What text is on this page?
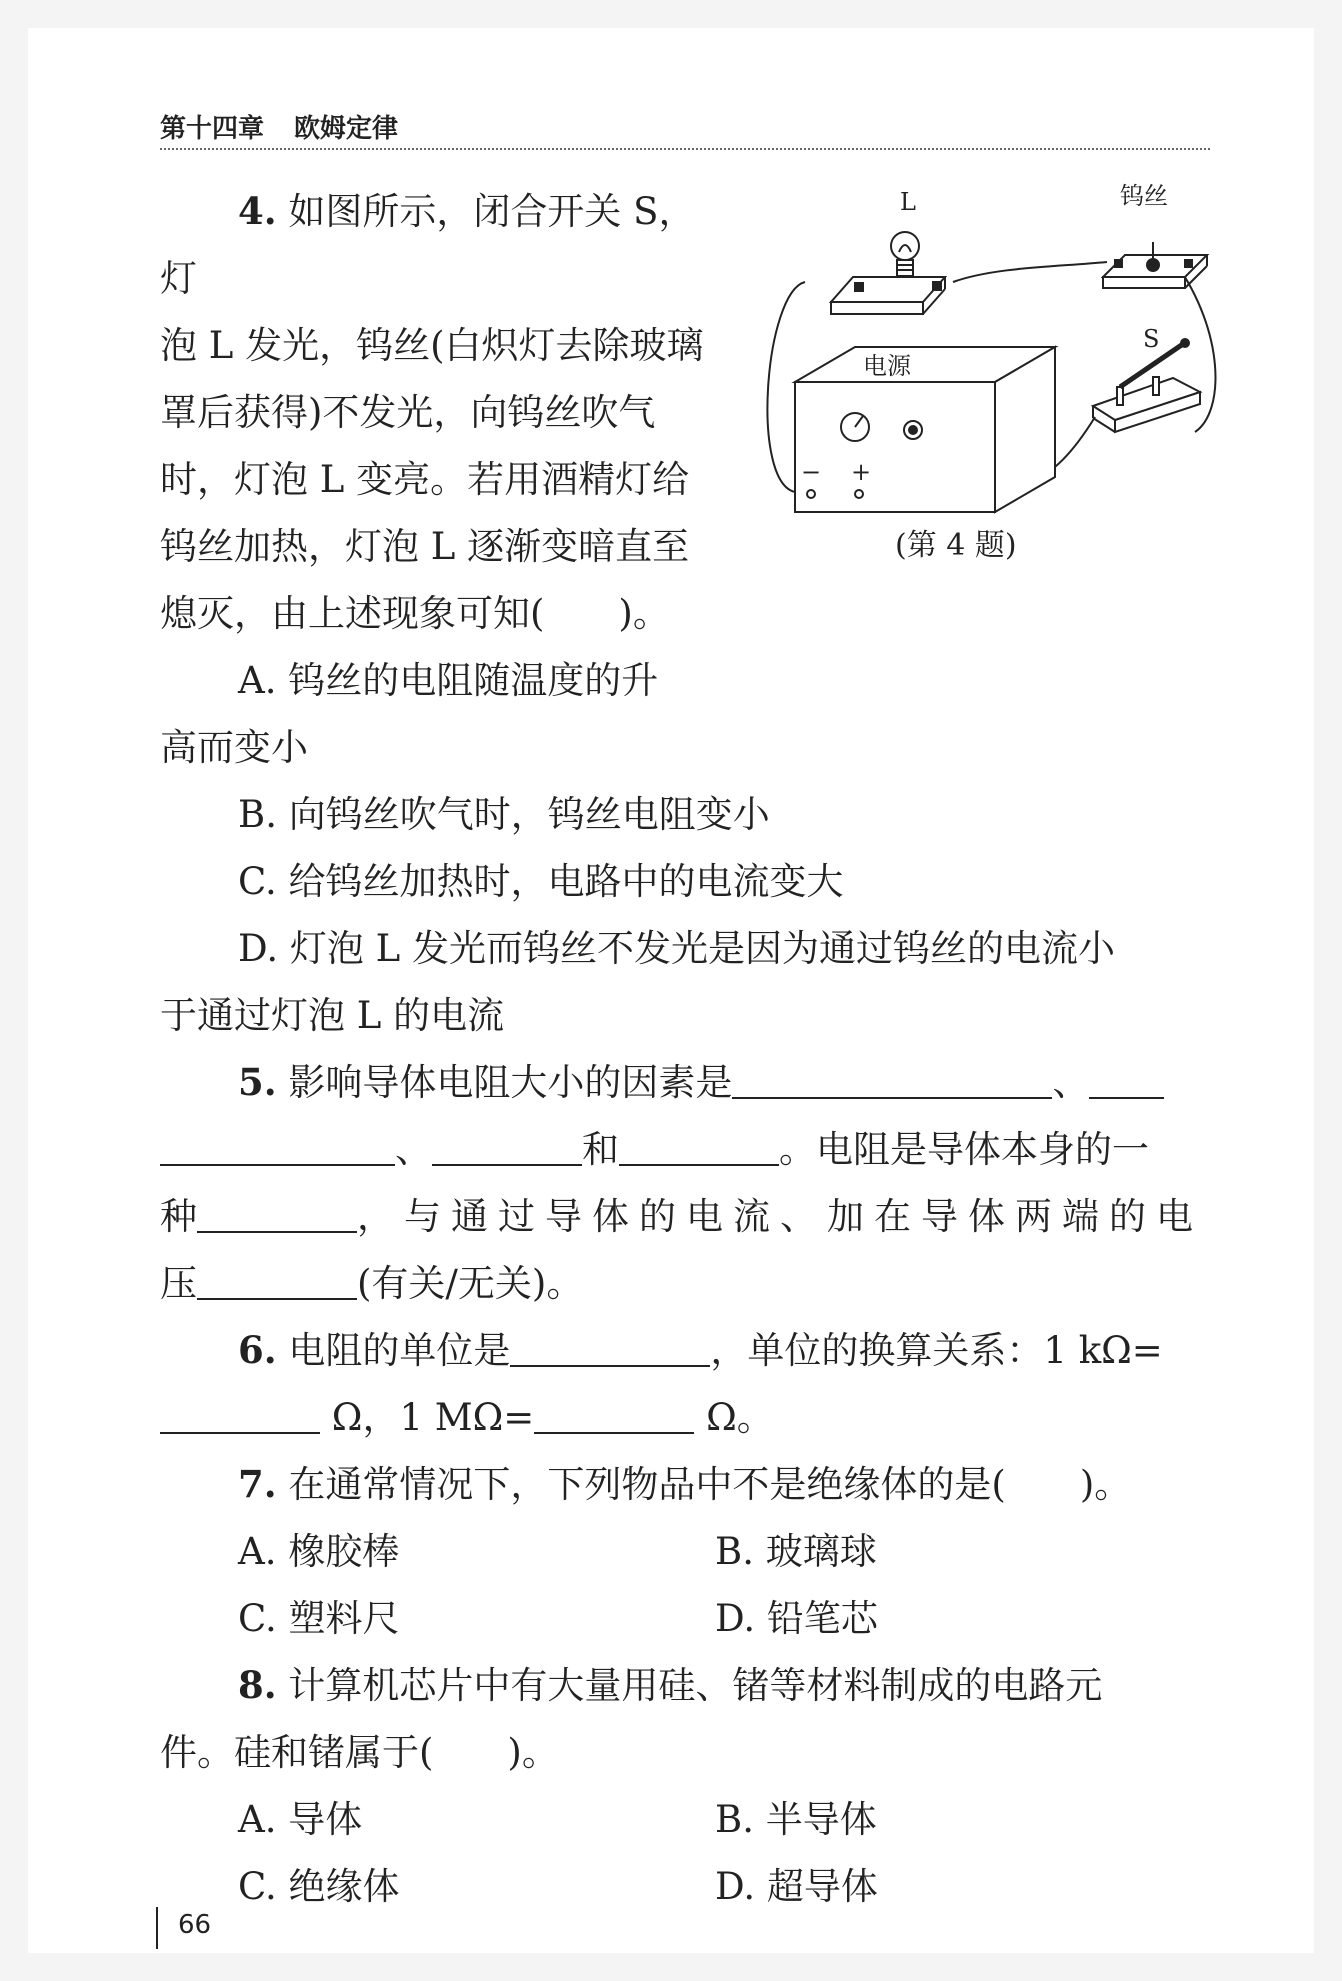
第十四章 欧姆定律
L	钨丝
S
电源
− +
(第 4 题)

4. 如图所示，闭合开关 S，灯

泡 L 发光，钨丝(白炽灯去除玻璃

罩后获得)不发光，向钨丝吹气

时，灯泡 L 变亮。若用酒精灯给

钨丝加热，灯泡 L 逐渐变暗直至

熄灭，由上述现象可知(　　)。

A. 钨丝的电阻随温度的升

高而变小

B. 向钨丝吹气时，钨丝电阻变小

C. 给钨丝加热时，电路中的电流变大

D. 灯泡 L 发光而钨丝不发光是因为通过钨丝的电流小

于通过灯泡 L 的电流

5. 影响导体电阻大小的因素是	、

、	和	。电阻是导体本身的一

种	，与通过导体的电流、加在导体两端的电

压	(有关/无关)。

6. 电阻的单位是	，单位的换算关系：1 kΩ=

Ω，1 MΩ=	Ω。

7. 在通常情况下，下列物品中不是绝缘体的是(　　)。

A. 橡胶棒	B. 玻璃球
C. 塑料尺	D. 铅笔芯

8. 计算机芯片中有大量用硅、锗等材料制成的电路元

件。硅和锗属于(　　)。

A. 导体	B. 半导体
C. 绝缘体	D. 超导体
66
